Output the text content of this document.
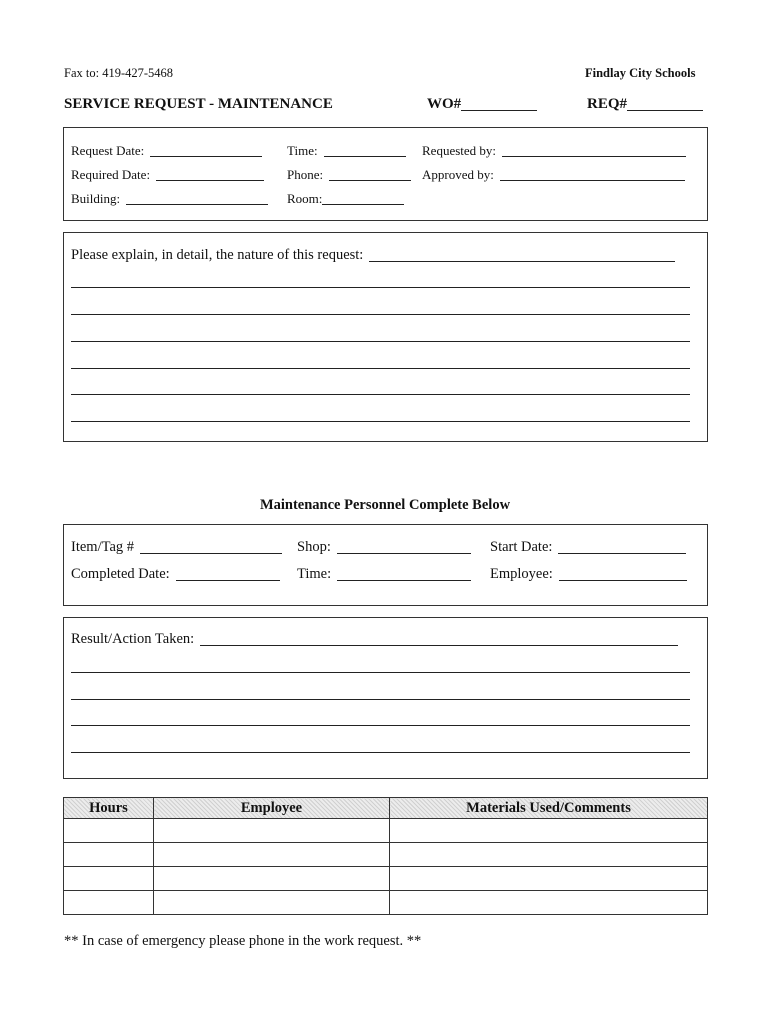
Fax to: 419-427-5468	Findlay City Schools
SERVICE REQUEST - MAINTENANCE	WO#	REQ#
Request Date:	Time:	Requested by:
Required Date:	Phone:	Approved by:
Building:	Room:
Please explain, in detail, the nature of this request:
Maintenance Personnel Complete Below
Item/Tag #	Shop:	Start Date:
Completed Date:	Time:	Employee:
Result/Action Taken:
Hours	Employee	Materials Used/Comments

** In case of emergency please phone in the work request. **
